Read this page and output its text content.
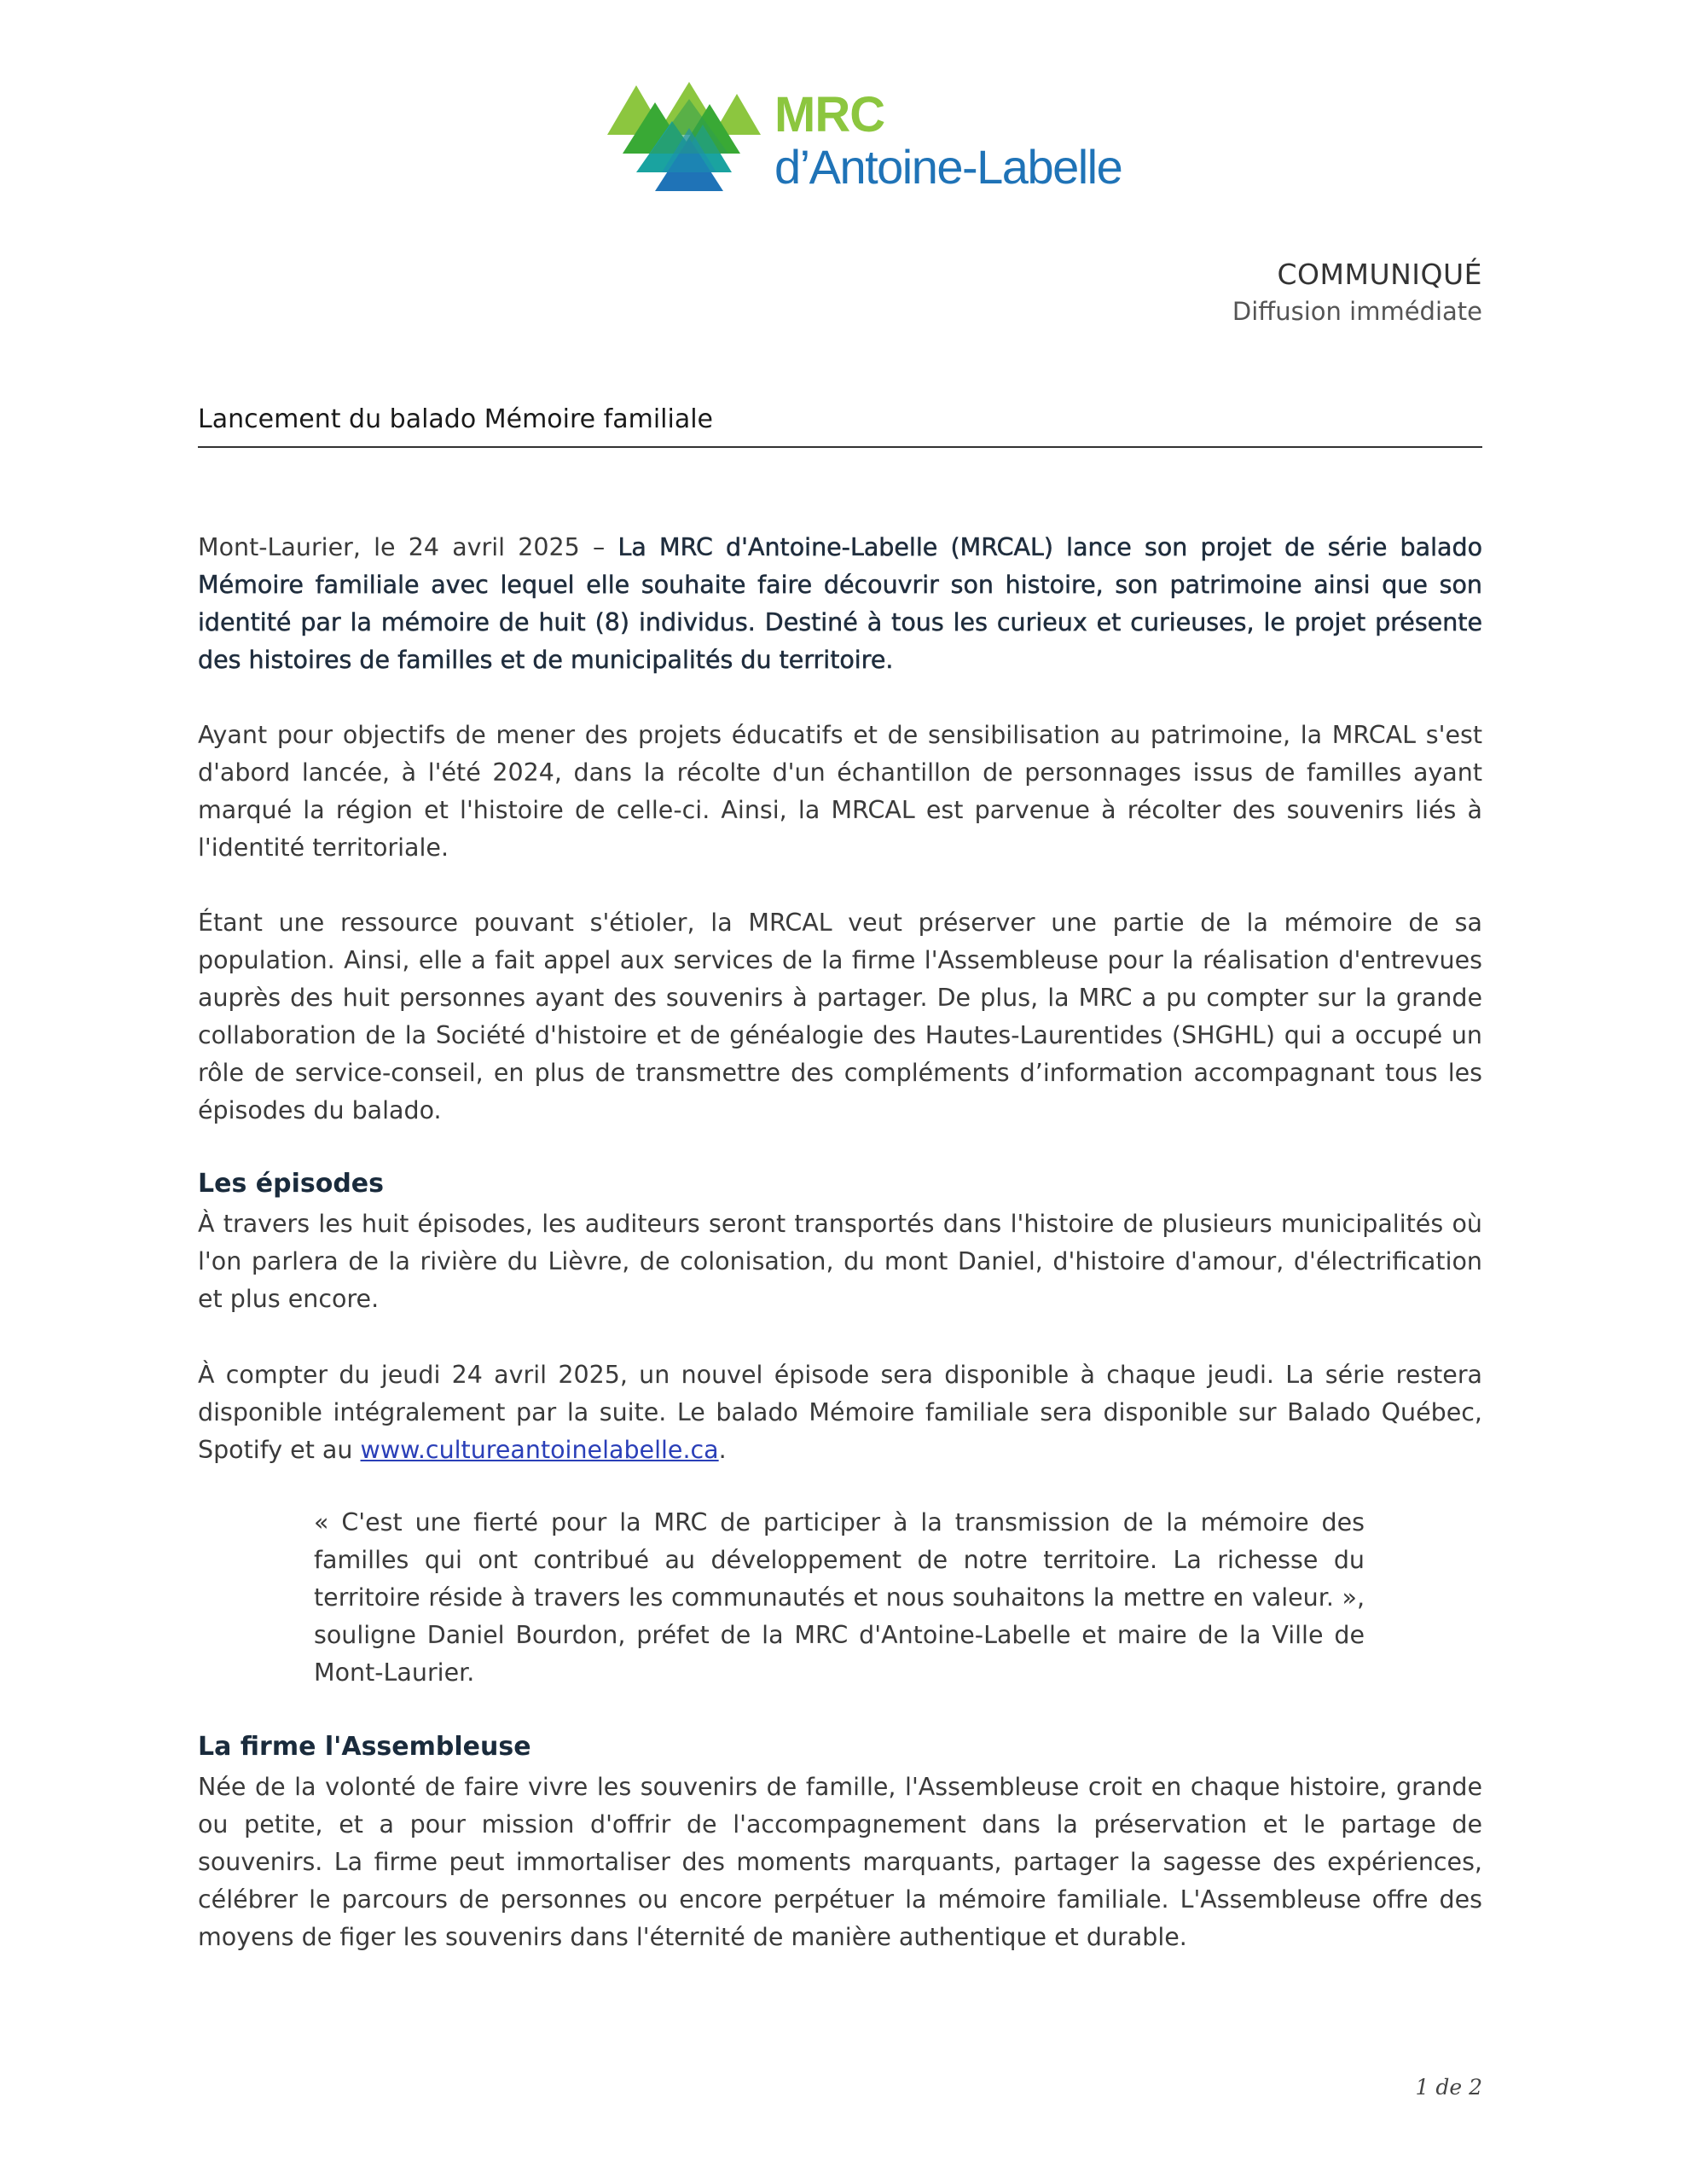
MRC
d’Antoine-Labelle
COMMUNIQUÉ
Diffusion immédiate
Lancement du balado Mémoire familiale

Mont-Laurier, le 24 avril 2025 – La MRC d'Antoine-Labelle (MRCAL) lance son projet de série balado Mémoire familiale avec lequel elle souhaite faire découvrir son histoire, son patrimoine ainsi que son identité par la mémoire de huit (8) individus. Destiné à tous les curieux et curieuses, le projet présente des histoires de familles et de municipalités du territoire.

Ayant pour objectifs de mener des projets éducatifs et de sensibilisation au patrimoine, la MRCAL s'est d'abord lancée, à l'été 2024, dans la récolte d'un échantillon de personnages issus de familles ayant marqué la région et l'histoire de celle-ci. Ainsi, la MRCAL est parvenue à récolter des souvenirs liés à l'identité territoriale.

Étant une ressource pouvant s'étioler, la MRCAL veut préserver une partie de la mémoire de sa population. Ainsi, elle a fait appel aux services de la firme l'Assembleuse pour la réalisation d'entrevues auprès des huit personnes ayant des souvenirs à partager. De plus, la MRC a pu compter sur la grande collaboration de la Société d'histoire et de généalogie des Hautes-Laurentides (SHGHL) qui a occupé un rôle de service-conseil, en plus de transmettre des compléments d’information accompagnant tous les épisodes du balado.

Les épisodes

À travers les huit épisodes, les auditeurs seront transportés dans l'histoire de plusieurs municipalités où l'on parlera de la rivière du Lièvre, de colonisation, du mont Daniel, d'histoire d'amour, d'électrification et plus encore.

À compter du jeudi 24 avril 2025, un nouvel épisode sera disponible à chaque jeudi. La série restera disponible intégralement par la suite. Le balado Mémoire familiale sera disponible sur Balado Québec, Spotify et au www.cultureantoinelabelle.ca.

« C'est une fierté pour la MRC de participer à la transmission de la mémoire des familles qui ont contribué au développement de notre territoire. La richesse du territoire réside à travers les communautés et nous souhaitons la mettre en valeur. », souligne Daniel Bourdon, préfet de la MRC d'Antoine-Labelle et maire de la Ville de Mont-Laurier.

La firme l'Assembleuse

Née de la volonté de faire vivre les souvenirs de famille, l'Assembleuse croit en chaque histoire, grande ou petite, et a pour mission d'offrir de l'accompagnement dans la préservation et le partage de souvenirs. La firme peut immortaliser des moments marquants, partager la sagesse des expériences, célébrer le parcours de personnes ou encore perpétuer la mémoire familiale. L'Assembleuse offre des moyens de figer les souvenirs dans l'éternité de manière authentique et durable.

1 de 2
